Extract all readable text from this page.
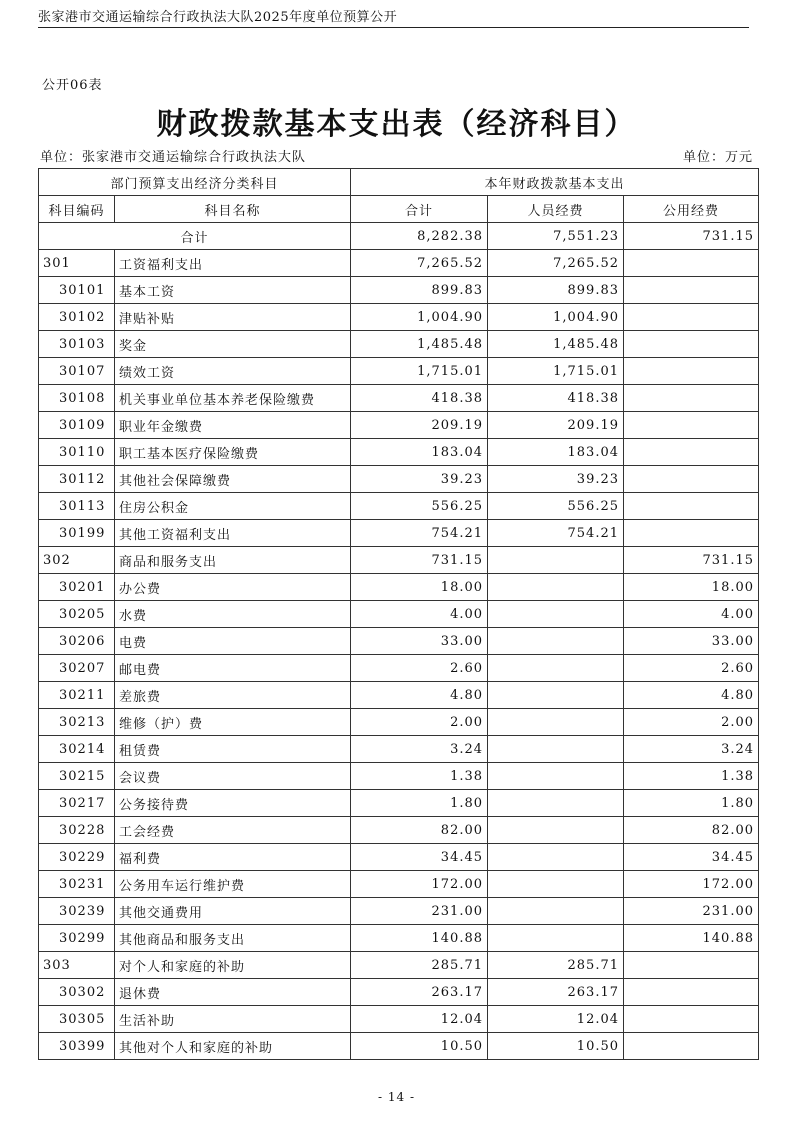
张家港市交通运输综合行政执法大队2025年度单位预算公开
公开06表
财政拨款基本支出表（经济科目）
单位：张家港市交通运输综合行政执法大队	单位：万元
部门预算支出经济分类科目		本年财政拨款基本支出		
科目编码	科目名称	合计	人员经费	公用经费
合计		8,282.38	7,551.23	731.15
301	工资福利支出	7,265.52	7,265.52	
30101	基本工资	899.83	899.83	
30102	津贴补贴	1,004.90	1,004.90	
30103	奖金	1,485.48	1,485.48	
30107	绩效工资	1,715.01	1,715.01	
30108	机关事业单位基本养老保险缴费	418.38	418.38	
30109	职业年金缴费	209.19	209.19	
30110	职工基本医疗保险缴费	183.04	183.04	
30112	其他社会保障缴费	39.23	39.23	
30113	住房公积金	556.25	556.25	
30199	其他工资福利支出	754.21	754.21	
302	商品和服务支出	731.15		731.15
30201	办公费	18.00		18.00
30205	水费	4.00		4.00
30206	电费	33.00		33.00
30207	邮电费	2.60		2.60
30211	差旅费	4.80		4.80
30213	维修（护）费	2.00		2.00
30214	租赁费	3.24		3.24
30215	会议费	1.38		1.38
30217	公务接待费	1.80		1.80
30228	工会经费	82.00		82.00
30229	福利费	34.45		34.45
30231	公务用车运行维护费	172.00		172.00
30239	其他交通费用	231.00		231.00
30299	其他商品和服务支出	140.88		140.88
303	对个人和家庭的补助	285.71	285.71	
30302	退休费	263.17	263.17	
30305	生活补助	12.04	12.04	
30399	其他对个人和家庭的补助	10.50	10.50	
- 14 -
